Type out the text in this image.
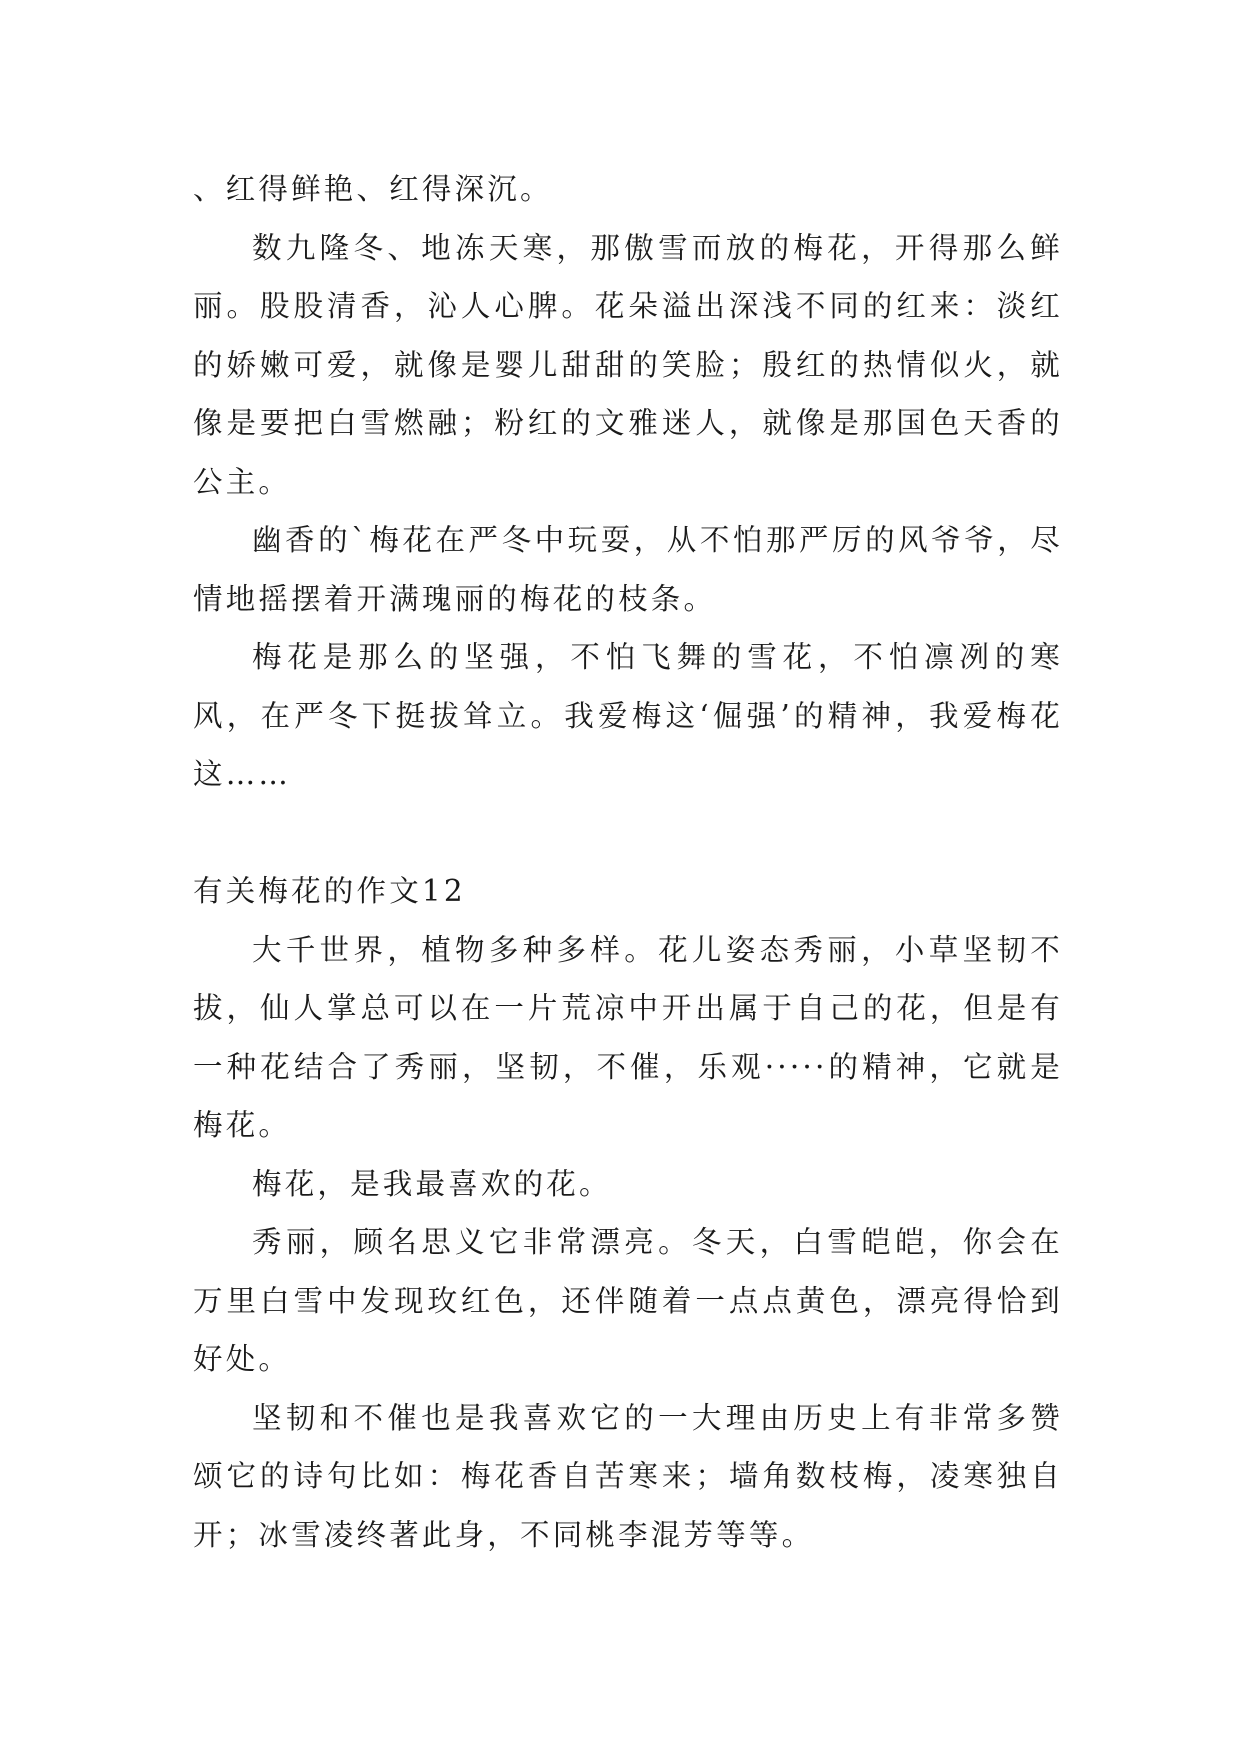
、红得鲜艳、红得深沉。

数九隆冬、地冻天寒，那傲雪而放的梅花，开得那么鲜丽。股股清香，沁人心脾。花朵溢出深浅不同的红来：淡红的娇嫩可爱，就像是婴儿甜甜的笑脸；殷红的热情似火，就像是要把白雪燃融；粉红的文雅迷人，就像是那国色天香的公主。

幽香的`梅花在严冬中玩耍，从不怕那严厉的风爷爷，尽情地摇摆着开满瑰丽的梅花的枝条。

梅花是那么的坚强，不怕飞舞的雪花，不怕凛冽的寒风，在严冬下挺拔耸立。我爱梅这‘倔强’的精神，我爱梅花这……

有关梅花的作文12

大千世界，植物多种多样。花儿姿态秀丽，小草坚韧不拔，仙人掌总可以在一片荒凉中开出属于自己的花，但是有一种花结合了秀丽，坚韧，不催，乐观·····的精神，它就是梅花。

梅花，是我最喜欢的花。

秀丽，顾名思义它非常漂亮。冬天，白雪皑皑，你会在万里白雪中发现玫红色，还伴随着一点点黄色，漂亮得恰到好处。

坚韧和不催也是我喜欢它的一大理由历史上有非常多赞颂它的诗句比如：梅花香自苦寒来；墙角数枝梅，凌寒独自开；冰雪凌终著此身，不同桃李混芳等等。
